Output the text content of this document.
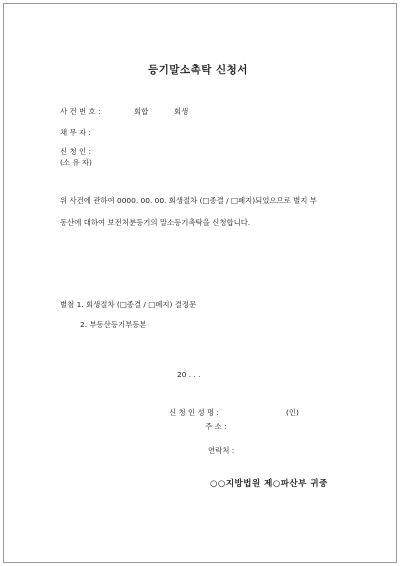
등기말소촉탁 신청서
사 건 번 호 :	회합	회생
채 무 자 :
신 청 인 :
(소 유 자)
위 사건에 관하여 0000. 00. 00. 회생절차 (□종결 / □폐지)되었으므로 별지 부
동산에 대하여 보전처분등기의 말소등기촉탁을 신청합니다.
별첨 1. 회생절차 (□종결 / □폐지) 결정문
2. 부동산등기부등본
20 . . .
신 청 인 성 명 :	(인)
주 소 :
연락처 :
○○지방법원 제○파산부 귀중
